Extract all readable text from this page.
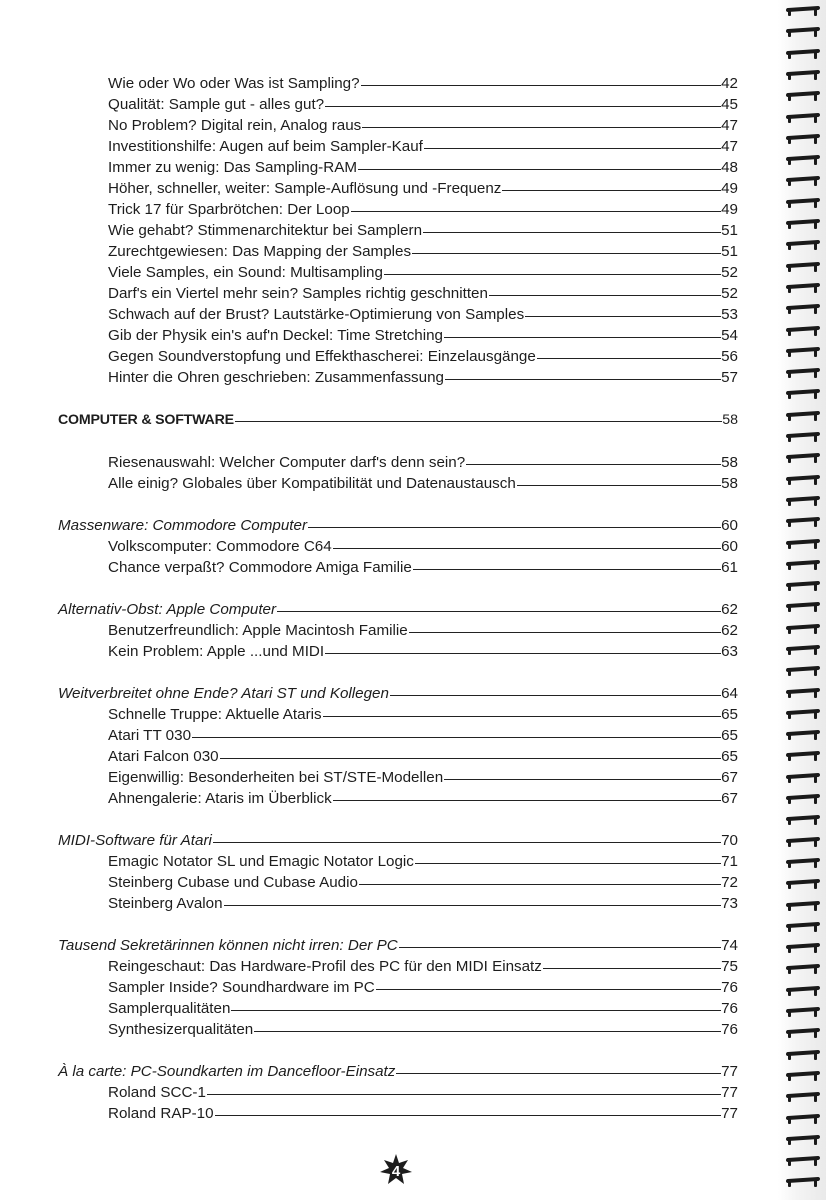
Wie oder Wo oder Was ist Sampling?	42
Qualität: Sample gut - alles gut?	45
No Problem? Digital rein, Analog raus	47
Investitionshilfe: Augen auf beim Sampler-Kauf	47
Immer zu wenig: Das Sampling-RAM	48
Höher, schneller, weiter: Sample-Auflösung und -Frequenz	49
Trick 17 für Sparbrötchen: Der Loop	49
Wie gehabt? Stimmenarchitektur bei Samplern	51
Zurechtgewiesen: Das Mapping der Samples	51
Viele Samples, ein Sound: Multisampling	52
Darf's ein Viertel mehr sein? Samples richtig geschnitten	52
Schwach auf der Brust? Lautstärke-Optimierung von Samples	53
Gib der Physik ein's auf'n Deckel: Time Stretching	54
Gegen Soundverstopfung und Effekthascherei: Einzelausgänge	56
Hinter die Ohren geschrieben: Zusammenfassung	57
COMPUTER & SOFTWARE	58
Riesenauswahl: Welcher Computer darf's denn sein?	58
Alle einig? Globales über Kompatibilität und Datenaustausch	58
Massenware: Commodore Computer	60
Volkscomputer: Commodore C64	60
Chance verpaßt? Commodore Amiga Familie	61
Alternativ-Obst: Apple Computer	62
Benutzerfreundlich: Apple Macintosh Familie	62
Kein Problem: Apple ...und MIDI	63
Weitverbreitet ohne Ende? Atari ST und Kollegen	64
Schnelle Truppe: Aktuelle Ataris	65
Atari TT 030	65
Atari Falcon 030	65
Eigenwillig: Besonderheiten bei ST/STE-Modellen	67
Ahnengalerie: Ataris im Überblick	67
MIDI-Software für Atari	70
Emagic Notator SL und Emagic Notator Logic	71
Steinberg Cubase und Cubase Audio	72
Steinberg Avalon	73
Tausend Sekretärinnen können nicht irren: Der PC	74
Reingeschaut: Das Hardware-Profil des PC für den MIDI Einsatz	75
Sampler Inside? Soundhardware im PC	76
Samplerqualitäten	76
Synthesizerqualitäten	76
À la carte: PC-Soundkarten im Dancefloor-Einsatz	77
Roland SCC-1	77
Roland RAP-10	77
4
